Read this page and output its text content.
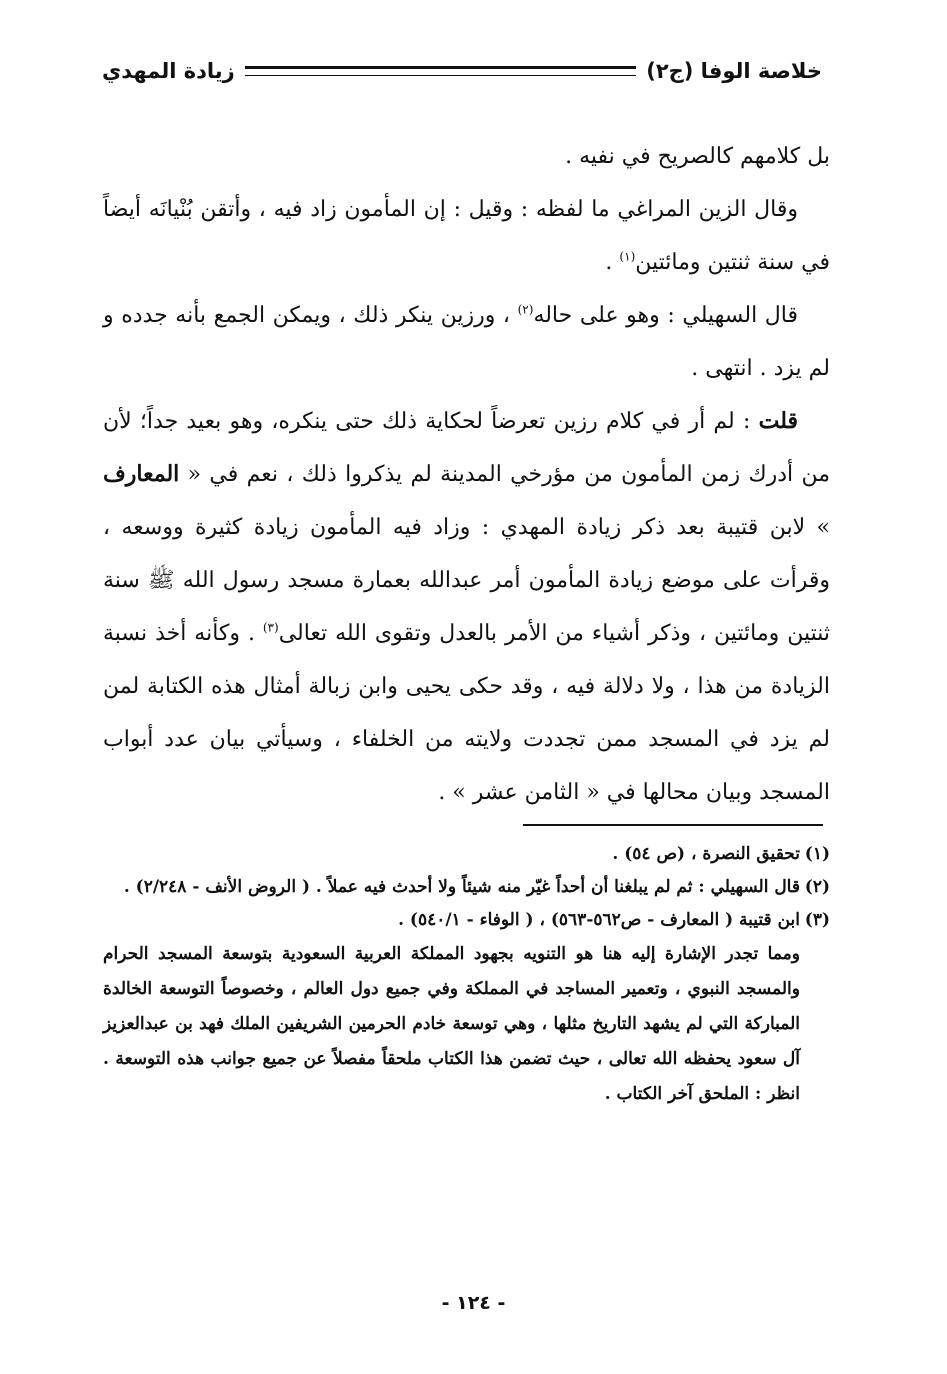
خلاصة الوفا (ج٢)
زيادة المهدي

بل كلامهم كالصريح في نفيه .

وقال الزين المراغي ما لفظه : وقيل : إن المأمون زاد فيه ، وأتقن بُنْيانَه أيضاً في سنة ثنتين ومائتين$^{(١)}$ .

قال السهيلي : وهو على حاله$^{(٢)}$ ، ورزين ينكر ذلك ، ويمكن الجمع بأنه جدده و لم يزد . انتهى .

قلت : لم أر في كلام رزين تعرضاً لحكاية ذلك حتى ينكره، وهو بعيد جداً؛ لأن من أدرك زمن المأمون من مؤرخي المدينة لم يذكروا ذلك ، نعم في « المعارف » لابن قتيبة بعد ذكر زيادة المهدي : وزاد فيه المأمون زيادة كثيرة ووسعه ، وقرأت على موضع زيادة المأمون أمر عبدالله بعمارة مسجد رسول الله ﷺ سنة ثنتين ومائتين ، وذكر أشياء من الأمر بالعدل وتقوى الله تعالى$^{(٣)}$ . وكأنه أخذ نسبة الزيادة من هذا ، ولا دلالة فيه ، وقد حكى يحيى وابن زبالة أمثال هذه الكتابة لمن لم يزد في المسجد ممن تجددت ولايته من الخلفاء ، وسيأتي بيان عدد أبواب المسجد وبيان محالها في « الثامن عشر » .

(١)
تحقيق النصرة ، (ص ٥٤) .
(٢)
قال السهيلي : ثم لم يبلغنا أن أحداً غيّر منه شيئاً ولا أحدث فيه عملاً . ( الروض الأنف - ٢/٢٤٨) .
(٣)
ابن قتيبة ( المعارف - ص٥٦٢-٥٦٣) ، ( الوفاء - ٥٤٠/١) .
ومما تجدر الإشارة إليه هنا هو التنويه بجهود المملكة العربية السعودية بتوسعة المسجد الحرام والمسجد النبوي ، وتعمير المساجد في المملكة وفي جميع دول العالم ، وخصوصاً التوسعة الخالدة المباركة التي لم يشهد التاريخ مثلها ، وهي توسعة خادم الحرمين الشريفين الملك فهد بن عبدالعزيز آل سعود يحفظه الله تعالى ، حيث تضمن هذا الكتاب ملحقاً مفصلاً عن جميع جوانب هذه التوسعة . انظر : الملحق آخر الكتاب .
- ١٢٤ -
